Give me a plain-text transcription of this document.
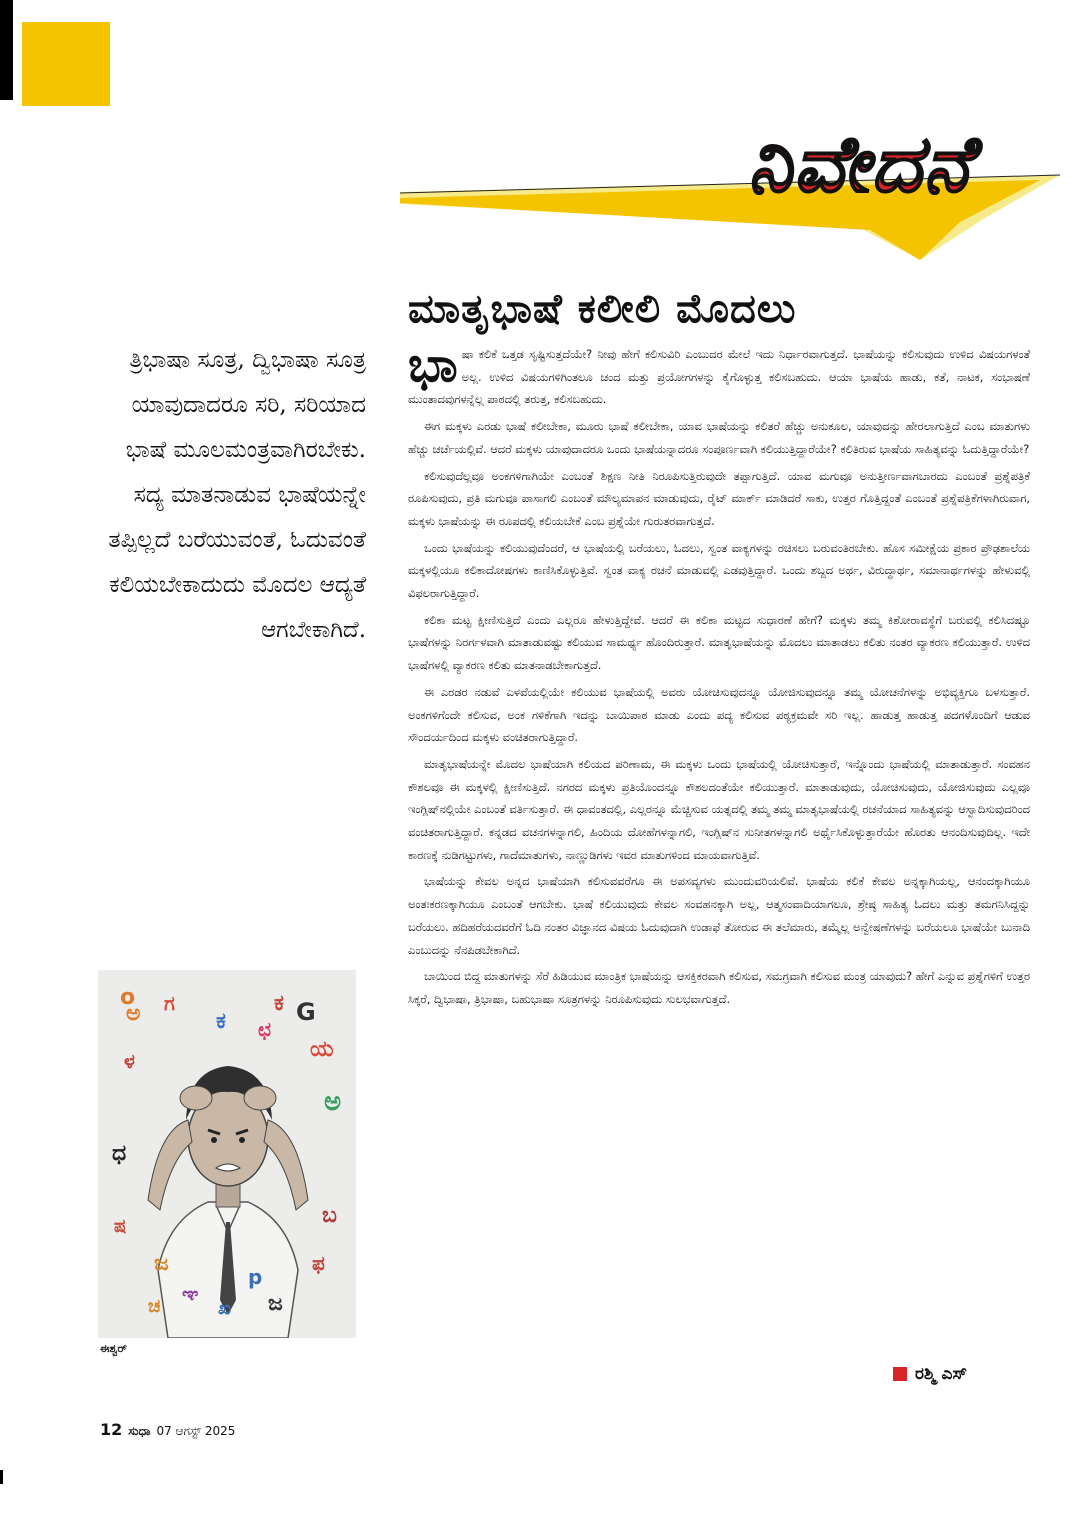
ನಿವೇದನೆ
ಮಾತೃಭಾಷೆ ಕಲೀಲಿ ಮೊದಲು

ತ್ರಿಭಾಷಾ ಸೂತ್ರ, ದ್ವಿಭಾಷಾ ಸೂತ್ರ ಯಾವುದಾದರೂ ಸರಿ, ಸರಿಯಾದ ಭಾಷೆ ಮೂಲಮಂತ್ರವಾಗಿರಬೇಕು. ಸದ್ಯ ಮಾತನಾಡುವ ಭಾಷೆಯನ್ನೇ ತಪ್ಪಿಲ್ಲದೆ ಬರೆಯುವಂತೆ, ಓದುವಂತೆ ಕಲಿಯಬೇಕಾದುದು ಮೊದಲ ಆದ್ಯತೆ ಆಗಬೇಕಾಗಿದೆ.

ಭಾ ಷಾ ಕಲಿಕೆ ಒತ್ತಡ ಸೃಷ್ಟಿಸುತ್ತದೆಯೇ? ನೀವು ಹೇಗೆ ಕಲಿಸುವಿರಿ ಎಂಬುದರ ಮೇಲೆ ಇದು ನಿರ್ಧಾರವಾಗುತ್ತದೆ. ಭಾಷೆಯನ್ನು ಕಲಿಸುವುದು ಉಳಿದ ವಿಷಯಗಳಂತೆ ಅಲ್ಲ. ಉಳಿದ ವಿಷಯಗಳಿಗಿಂತಲೂ ಚಂದ ಮತ್ತು ಪ್ರಯೋಗಗಳನ್ನು ಕೈಗೊಳ್ಳುತ್ತ ಕಲಿಸಬಹುದು. ಆಯಾ ಭಾಷೆಯ ಹಾಡು, ಕತೆ, ನಾಟಕ, ಸಂಭಾಷಣೆ ಮುಂತಾದವುಗಳನ್ನೆಲ್ಲ ಪಾಠದಲ್ಲಿ ತರುತ್ತ, ಕಲಿಸಬಹುದು.

ಈಗ ಮಕ್ಕಳು ಎರಡು ಭಾಷೆ ಕಲೀಬೇಕಾ, ಮೂರು ಭಾಷೆ ಕಲೀಬೇಕಾ, ಯಾವ ಭಾಷೆಯನ್ನು ಕಲಿತರೆ ಹೆಚ್ಚು ಅನುಕೂಲ, ಯಾವುದನ್ನು ಹೇರಲಾಗುತ್ತಿದೆ ಎಂಬ ಮಾತುಗಳು ಹೆಚ್ಚು ಚರ್ಚೆಯಲ್ಲಿವೆ. ಆದರೆ ಮಕ್ಕಳು ಯಾವುದಾದರೂ ಒಂದು ಭಾಷೆಯನ್ನಾದರೂ ಸಂಪೂರ್ಣವಾಗಿ ಕಲಿಯುತ್ತಿದ್ದಾರೆಯೇ? ಕಲಿತಿರುವ ಭಾಷೆಯ ಸಾಹಿತ್ಯವನ್ನು ಓದುತ್ತಿದ್ದಾರೆಯೇ?

ಕಲಿಸುವುದೆಲ್ಲವೂ ಅಂಕಗಳಿಗಾಗಿಯೇ ಎಂಬಂತೆ ಶಿಕ್ಷಣ ನೀತಿ ನಿರೂಪಿಸುತ್ತಿರುವುದೇ ತಪ್ಪಾಗುತ್ತಿದೆ. ಯಾವ ಮಗುವೂ ಅನುತ್ತೀರ್ಣವಾಗಬಾರದು ಎಂಬಂತೆ ಪ್ರಶ್ನೆಪತ್ರಿಕೆ ರೂಪಿಸುವುದು, ಪ್ರತಿ ಮಗುವೂ ಪಾಸಾಗಲಿ ಎಂಬಂತೆ ಮೌಲ್ಯಮಾಪನ ಮಾಡುವುದು, ರೈಟ್ ಮಾರ್ಕ್ ಮಾಡಿದರೆ ಸಾಕು, ಉತ್ತರ ಗೊತ್ತಿದ್ದಂತೆ ಎಂಬಂತೆ ಪ್ರಶ್ನೆಪತ್ರಿಕೆಗಳಾಗಿರುವಾಗ, ಮಕ್ಕಳು ಭಾಷೆಯನ್ನು ಈ ರೂಪದಲ್ಲಿ ಕಲಿಯಬೇಕೆ ಎಂಬ ಪ್ರಶ್ನೆಯೇ ಗುರುತರವಾಗುತ್ತದೆ.

ಒಂದು ಭಾಷೆಯನ್ನು ಕಲಿಯುವುದೆಂದರೆ, ಆ ಭಾಷೆಯಲ್ಲಿ ಬರೆಯಲು, ಓದಲು, ಸ್ವಂತ ವಾಕ್ಯಗಳನ್ನು ರಚಿಸಲು ಬರುವಂತಿರಬೇಕು. ಹೊಸ ಸಮೀಕ್ಷೆಯ ಪ್ರಕಾರ ಪ್ರೌಢಶಾಲೆಯ ಮಕ್ಕಳಲ್ಲಿಯೂ ಕಲಿಕಾದೋಷಗಳು ಕಾಣಿಸಿಕೊಳ್ಳುತ್ತಿವೆ. ಸ್ವಂತ ವಾಕ್ಯ ರಚನೆ ಮಾಡುವಲ್ಲಿ ಎಡವುತ್ತಿದ್ದಾರೆ. ಒಂದು ಶಬ್ದದ ಅರ್ಥ, ವಿರುದ್ಧಾರ್ಥ, ಸಮಾನಾರ್ಥಗಳನ್ನು ಹೇಳುವಲ್ಲಿ ವಿಫಲರಾಗುತ್ತಿದ್ದಾರೆ.

ಕಲಿಕಾ ಮಟ್ಟ ಕ್ಷೀಣಿಸುತ್ತಿದೆ ಎಂದು ಎಲ್ಲರೂ ಹೇಳುತ್ತಿದ್ದೇವೆ. ಆದರೆ ಈ ಕಲಿಕಾ ಮಟ್ಟದ ಸುಧಾರಣೆ ಹೇಗೆ? ಮಕ್ಕಳು ತಮ್ಮ ಕಿಶೋರಾವಸ್ಥೆಗೆ ಬರುವಲ್ಲಿ ಕಲಿಸಿದಷ್ಟೂ ಭಾಷೆಗಳನ್ನು ನಿರರ್ಗಳವಾಗಿ ಮಾತಾಡುವಷ್ಟು ಕಲಿಯುವ ಸಾಮರ್ಥ್ಯ ಹೊಂದಿರುತ್ತಾರೆ. ಮಾತೃಭಾಷೆಯನ್ನು ಮೊದಲು ಮಾತಾಡಲು ಕಲಿತು ನಂತರ ವ್ಯಾಕರಣ ಕಲಿಯುತ್ತಾರೆ. ಉಳಿದ ಭಾಷೆಗಳಲ್ಲಿ ವ್ಯಾಕರಣ ಕಲಿತು ಮಾತನಾಡಬೇಕಾಗುತ್ತದೆ.

ಈ ಎರಡರ ನಡುವೆ ಎಳವೆಯಲ್ಲಿಯೇ ಕಲಿಯುವ ಭಾಷೆಯಲ್ಲಿ ಅವರು ಯೋಚಿಸುವುದನ್ನೂ ಯೋಜಿಸುವುದನ್ನೂ ತಮ್ಮ ಯೋಚನೆಗಳನ್ನು ಅಭಿವ್ಯಕ್ತಿಗೂ ಬಳಸುತ್ತಾರೆ. ಅಂಕಗಳಿಗೆಂದೇ ಕಲಿಸುವ, ಅಂಕ ಗಳಿಕೆಗಾಗಿ ಇದನ್ನು ಬಾಯಿಪಾಠ ಮಾಡು ಎಂದು ಪದ್ಯ ಕಲಿಸುವ ಪಠ್ಯಕ್ರಮವೇ ಸರಿ ಇಲ್ಲ. ಹಾಡುತ್ತ ಹಾಡುತ್ತ ಪದಗಳೊಂದಿಗೆ ಆಡುವ ಸೌಂದರ್ಯದಿಂದ ಮಕ್ಕಳು ವಂಚಿತರಾಗುತ್ತಿದ್ದಾರೆ.

ಮಾತೃಭಾಷೆಯನ್ನೇ ಮೊದಲ ಭಾಷೆಯಾಗಿ ಕಲಿಯದ ಪರಿಣಾಮ, ಈ ಮಕ್ಕಳು ಒಂದು ಭಾಷೆಯಲ್ಲಿ ಯೋಚಿಸುತ್ತಾರೆ, ಇನ್ನೊಂದು ಭಾಷೆಯಲ್ಲಿ ಮಾತಾಡುತ್ತಾರೆ. ಸಂವಹನ ಕೌಶಲವೂ ಈ ಮಕ್ಕಳಲ್ಲಿ ಕ್ಷೀಣಿಸುತ್ತಿದೆ. ನಗರದ ಮಕ್ಕಳು ಪ್ರತಿಯೊಂದನ್ನೂ ಕೌಶಲದಂತೆಯೇ ಕಲಿಯುತ್ತಾರೆ. ಮಾತಾಡುವುದು, ಯೋಚಿಸುವುದು, ಯೋಜಿಸುವುದು ಎಲ್ಲವೂ ಇಂಗ್ಲಿಷ್‌ನಲ್ಲಿಯೇ ಎಂಬಂತೆ ವರ್ತಿಸುತ್ತಾರೆ. ಈ ಧಾವಂತದಲ್ಲಿ, ಎಲ್ಲರನ್ನೂ ಮೆಚ್ಚಿಸುವ ಯತ್ನದಲ್ಲಿ ತಮ್ಮ ತಮ್ಮ ಮಾತೃಭಾಷೆಯಲ್ಲಿ ರಚನೆಯಾದ ಸಾಹಿತ್ಯವನ್ನು ಆಸ್ವಾದಿಸುವುದರಿಂದ ವಂಚಿತರಾಗುತ್ತಿದ್ದಾರೆ. ಕನ್ನಡದ ವಚನಗಳನ್ನಾಗಲಿ, ಹಿಂದಿಯ ದೋಹೆಗಳನ್ನಾಗಲಿ, ಇಂಗ್ಲಿಷ್‌ನ ಸುನೀತಗಳನ್ನಾಗಲಿ ಅರ್ಥೈಸಿಕೊಳ್ಳುತ್ತಾರೆಯೇ ಹೊರತು ಆನಂದಿಸುವುದಿಲ್ಲ. ಇದೇ ಕಾರಣಕ್ಕೆ ನುಡಿಗಟ್ಟುಗಳು, ಗಾದೆಮಾತುಗಳು, ನಾಣ್ಣುಡಿಗಳು ಇವರ ಮಾತುಗಳಿಂದ ಮಾಯವಾಗುತ್ತಿವೆ.

ಭಾಷೆಯನ್ನು ಕೇವಲ ಅನ್ನದ ಭಾಷೆಯಾಗಿ ಕಲಿಸುವವರೆಗೂ ಈ ಅಪಸವ್ಯಗಳು ಮುಂದುವರಿಯಲಿವೆ. ಭಾಷೆಯ ಕಲಿಕೆ ಕೇವಲ ಅನ್ನಕ್ಕಾಗಿಯಲ್ಲ, ಆನಂದಕ್ಕಾಗಿಯೂ ಅಂತಃಕರಣಕ್ಕಾಗಿಯೂ ಎಂಬಂತೆ ಆಗಬೇಕು. ಭಾಷೆ ಕಲಿಯುವುದು ಕೇವಲ ಸಂವಹನಕ್ಕಾಗಿ ಅಲ್ಲ, ಆತ್ಮಸಂವಾದಿಯಾಗಲೂ, ಶ್ರೇಷ್ಠ ಸಾಹಿತ್ಯ ಓದಲು ಮತ್ತು ತಮಗನಿಸಿದ್ದನ್ನು ಬರೆಯಲು. ಹದಿಹರೆಯದವರೆಗೆ ಓದಿ ನಂತರ ವಿಜ್ಞಾನದ ವಿಷಯ ಓದುವುದಾಗಿ ಉಡಾಫೆ ತೋರುವ ಈ ತಲೆಮಾರು, ತಮ್ಮೆಲ್ಲ ಅನ್ವೇಷಣೆಗಳನ್ನು ಬರೆಯಲೂ ಭಾಷೆಯೇ ಬುನಾದಿ ಎಂಬುದನ್ನು ನೆನಪಿಡಬೇಕಾಗಿದೆ.

ಬಾಯಿಂದ ಬಿದ್ದ ಮಾತುಗಳನ್ನು ಸೆರೆ ಹಿಡಿಯುವ ಮಾಂತ್ರಿಕ ಭಾಷೆಯನ್ನು ಆಸಕ್ತಿಕರವಾಗಿ ಕಲಿಸುವ, ಸಮಗ್ರವಾಗಿ ಕಲಿಸುವ ಮಂತ್ರ ಯಾವುದು? ಹೇಗೆ ಎನ್ನುವ ಪ್ರಶ್ನೆಗಳಿಗೆ ಉತ್ತರ ಸಿಕ್ಕರೆ, ದ್ವಿಭಾಷಾ, ತ್ರಿಭಾಷಾ, ಬಹುಭಾಷಾ ಸೂತ್ರಗಳನ್ನು ನಿರೂಪಿಸುವುದು ಸುಲಭವಾಗುತ್ತದೆ.

ಅ	ಕ ಛ
G
ಯ
ಳ
ಧ
ಅ
ಷ	ಬ
ಜ	ಫ
p
ಜ
ಞ
ಚ	ಖ
o ಗ	ಕ
ಈಶ್ವರ್
ರಶ್ಮಿ ಎಸ್
12 ಸುಧಾ 07 ಆಗಸ್ಟ್ 2025
